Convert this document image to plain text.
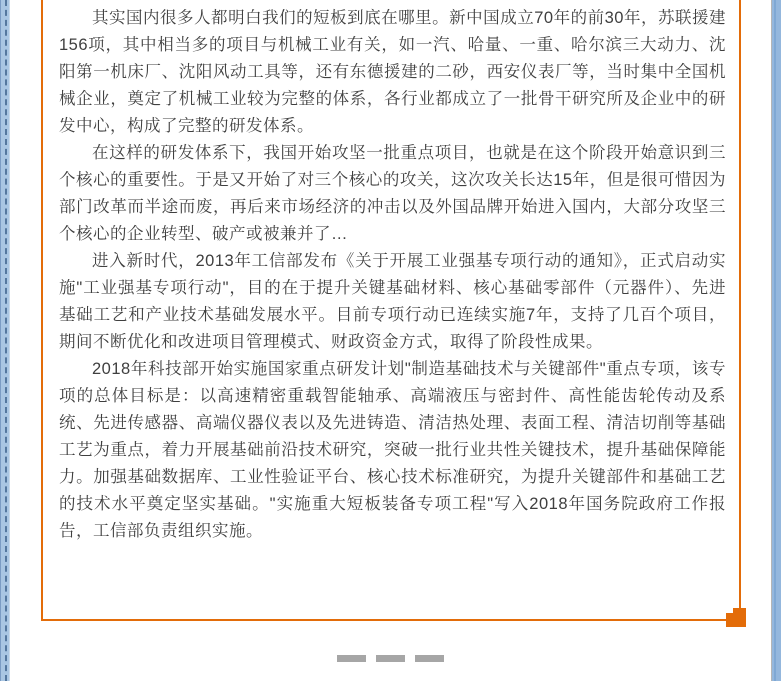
其实国内很多人都明白我们的短板到底在哪里。新中国成立70年的前30年，苏联援建156项，其中相当多的项目与机械工业有关，如一汽、哈量、一重、哈尔滨三大动力、沈阳第一机床厂、沈阳风动工具等，还有东德援建的二砂，西安仪表厂等，当时集中全国机械企业，奠定了机械工业较为完整的体系，各行业都成立了一批骨干研究所及企业中的研发中心，构成了完整的研发体系。

在这样的研发体系下，我国开始攻坚一批重点项目，也就是在这个阶段开始意识到三个核心的重要性。于是又开始了对三个核心的攻关，这次攻关长达15年，但是很可惜因为部门改革而半途而废，再后来市场经济的冲击以及外国品牌开始进入国内，大部分攻坚三个核心的企业转型、破产或被兼并了…

进入新时代，2013年工信部发布《关于开展工业强基专项行动的通知》，正式启动实施"工业强基专项行动"，目的在于提升关键基础材料、核心基础零部件（元器件）、先进基础工艺和产业技术基础发展水平。目前专项行动已连续实施7年，支持了几百个项目，期间不断优化和改进项目管理模式、财政资金方式，取得了阶段性成果。

2018年科技部开始实施国家重点研发计划"制造基础技术与关键部件"重点专项，该专项的总体目标是：以高速精密重载智能轴承、高端液压与密封件、高性能齿轮传动及系统、先进传感器、高端仪器仪表以及先进铸造、清洁热处理、表面工程、清洁切削等基础工艺为重点，着力开展基础前沿技术研究，突破一批行业共性关键技术，提升基础保障能力。加强基础数据库、工业性验证平台、核心技术标准研究，为提升关键部件和基础工艺的技术水平奠定坚实基础。"实施重大短板装备专项工程"写入2018年国务院政府工作报告，工信部负责组织实施。
